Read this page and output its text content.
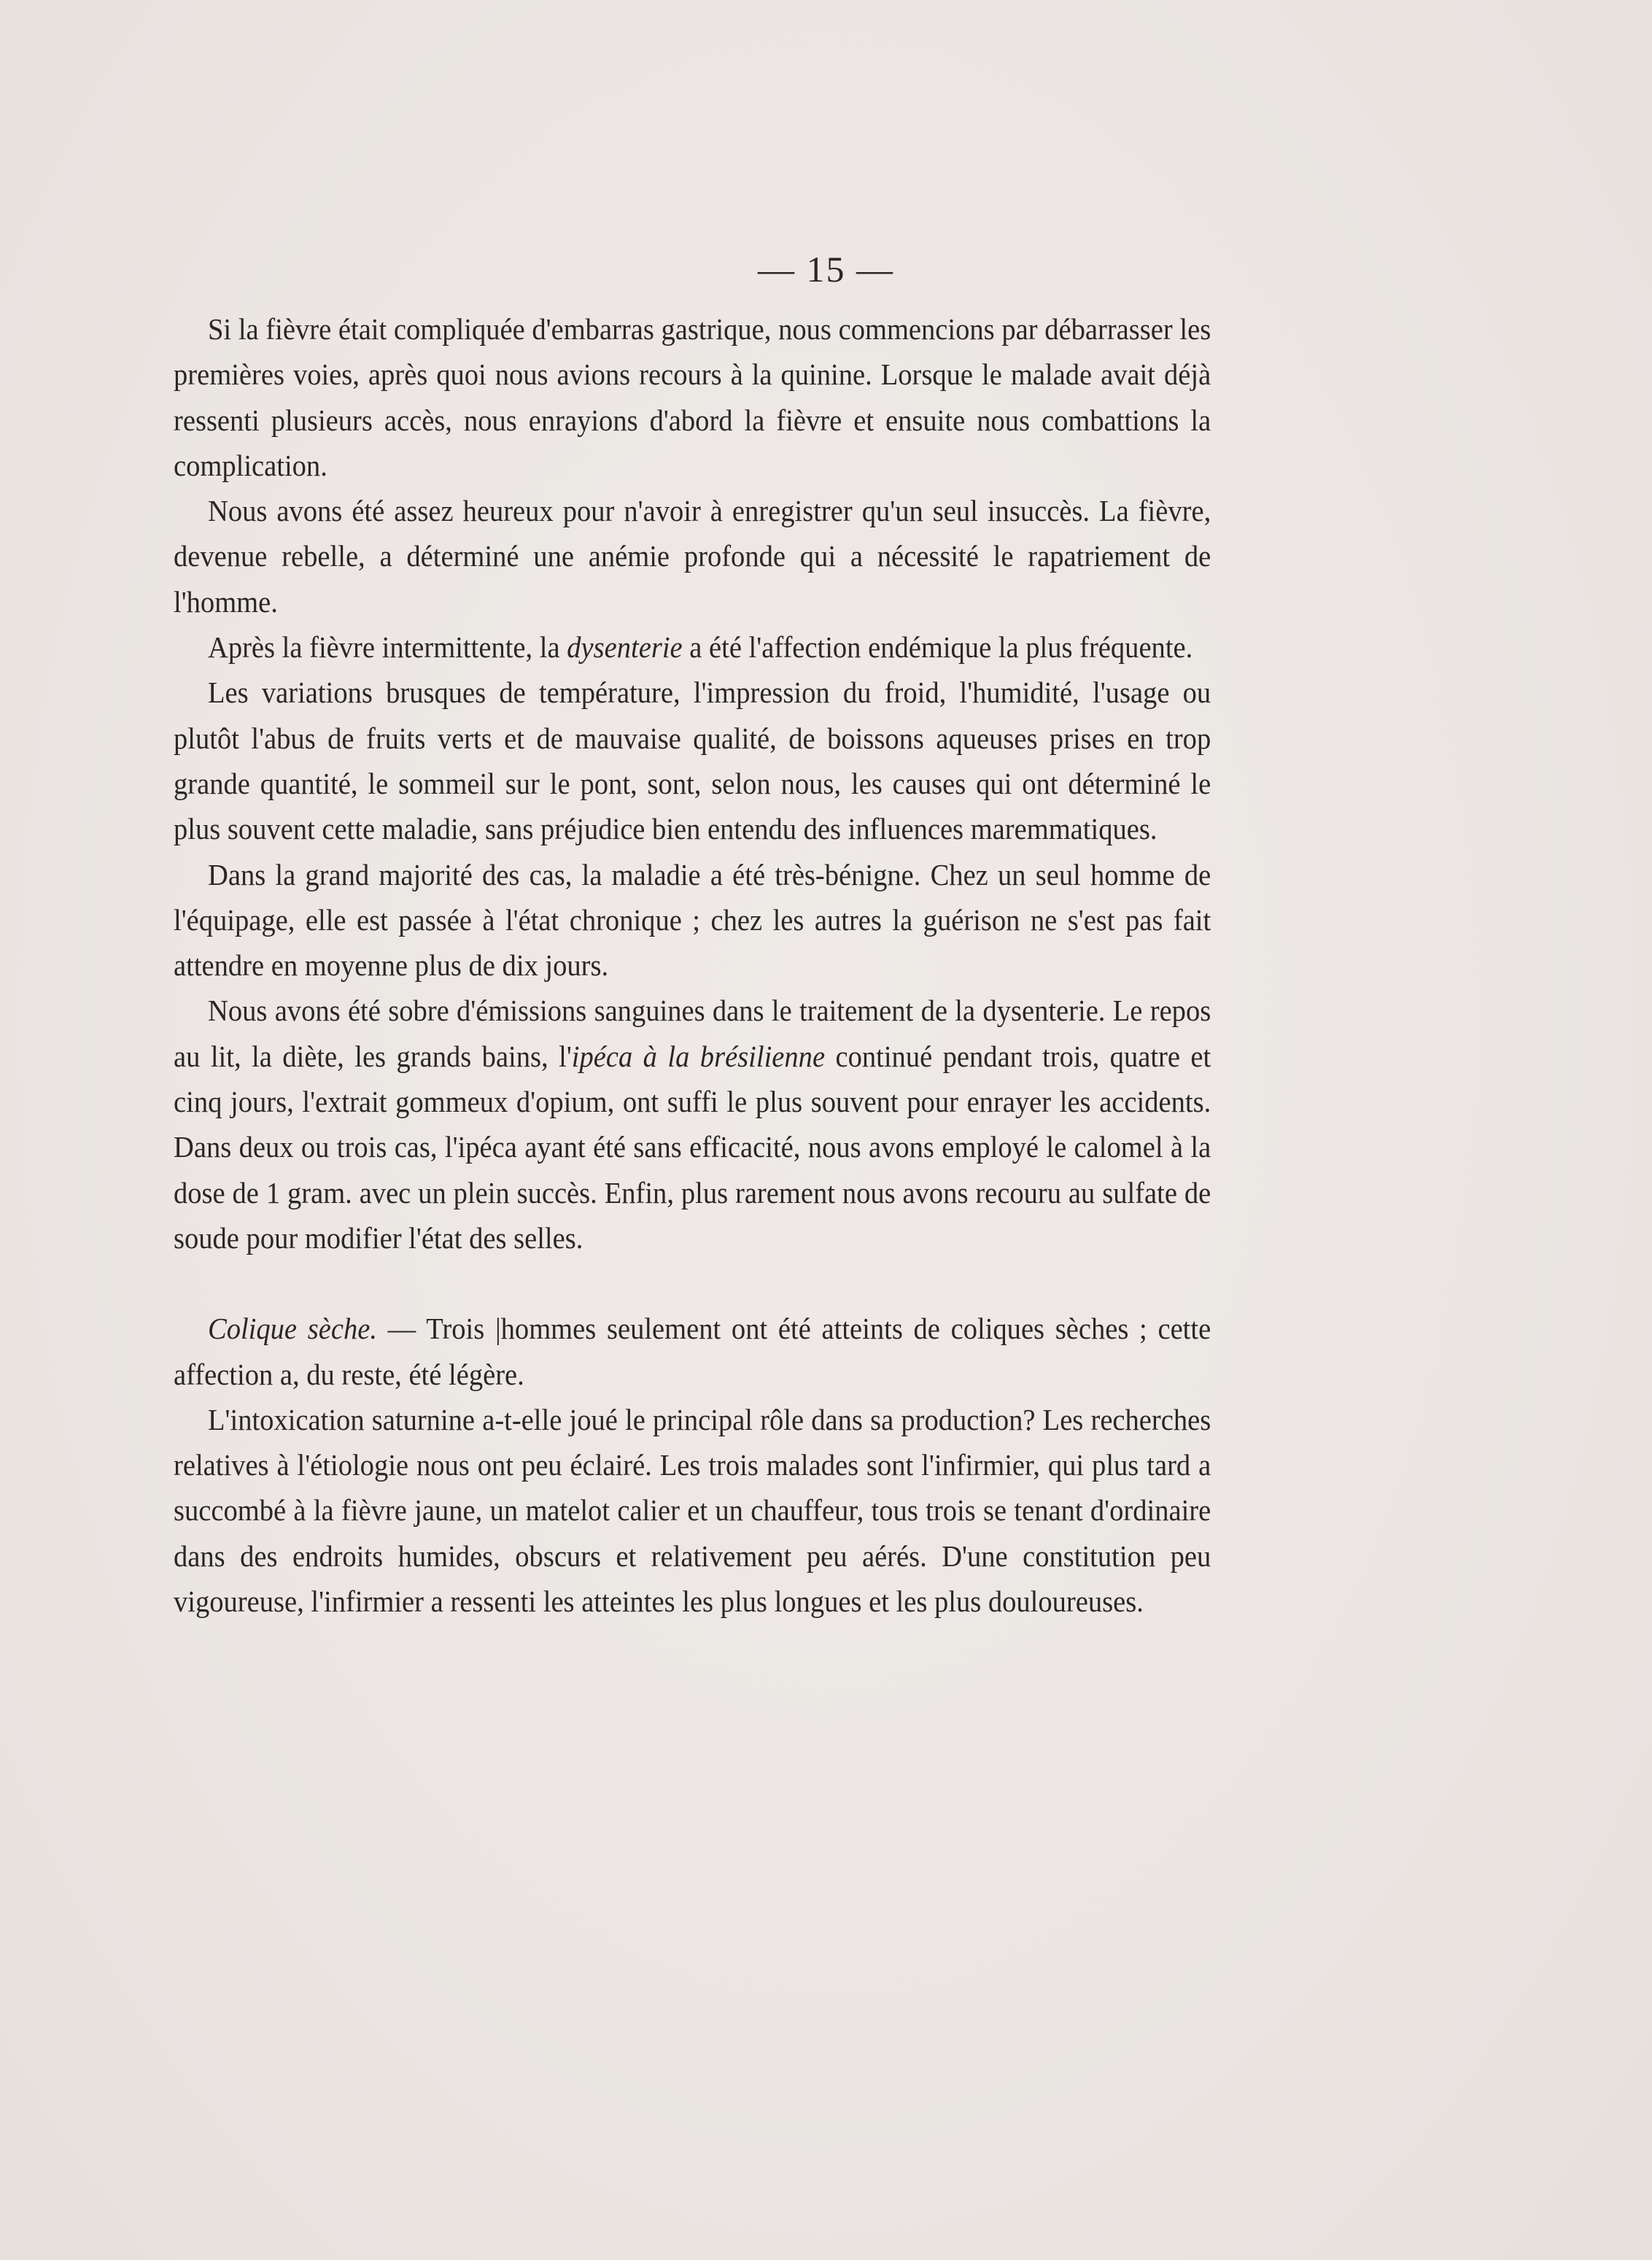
— 15 —

Si la fièvre était compliquée d'embarras gastrique, nous commencions par débarrasser les premières voies, après quoi nous avions recours à la quinine. Lorsque le malade avait déjà ressenti plusieurs accès, nous enrayions d'abord la fièvre et ensuite nous combattions la complication.

Nous avons été assez heureux pour n'avoir à enregistrer qu'un seul insuccès. La fièvre, devenue rebelle, a déterminé une anémie profonde qui a nécessité le rapatriement de l'homme.

Après la fièvre intermittente, la dysenterie a été l'affection endémique la plus fréquente.

Les variations brusques de température, l'impression du froid, l'humidité, l'usage ou plutôt l'abus de fruits verts et de mauvaise qualité, de boissons aqueuses prises en trop grande quantité, le sommeil sur le pont, sont, selon nous, les causes qui ont déterminé le plus souvent cette maladie, sans préjudice bien entendu des influences maremmatiques.

Dans la grand majorité des cas, la maladie a été très-bénigne. Chez un seul homme de l'équipage, elle est passée à l'état chronique ; chez les autres la guérison ne s'est pas fait attendre en moyenne plus de dix jours.

Nous avons été sobre d'émissions sanguines dans le traitement de la dysenterie. Le repos au lit, la diète, les grands bains, l'ipéca à la brésilienne continué pendant trois, quatre et cinq jours, l'extrait gommeux d'opium, ont suffi le plus souvent pour enrayer les accidents. Dans deux ou trois cas, l'ipéca ayant été sans efficacité, nous avons employé le calomel à la dose de 1 gram. avec un plein succès. Enfin, plus rarement nous avons recouru au sulfate de soude pour modifier l'état des selles.

Colique sèche. — Trois |hommes seulement ont été atteints de coliques sèches ; cette affection a, du reste, été légère.

L'intoxication saturnine a-t-elle joué le principal rôle dans sa production? Les recherches relatives à l'étiologie nous ont peu éclairé. Les trois malades sont l'infirmier, qui plus tard a succombé à la fièvre jaune, un matelot calier et un chauffeur, tous trois se tenant d'ordinaire dans des endroits humides, obscurs et relativement peu aérés. D'une constitution peu vigoureuse, l'infirmier a ressenti les atteintes les plus longues et les plus douloureuses.
